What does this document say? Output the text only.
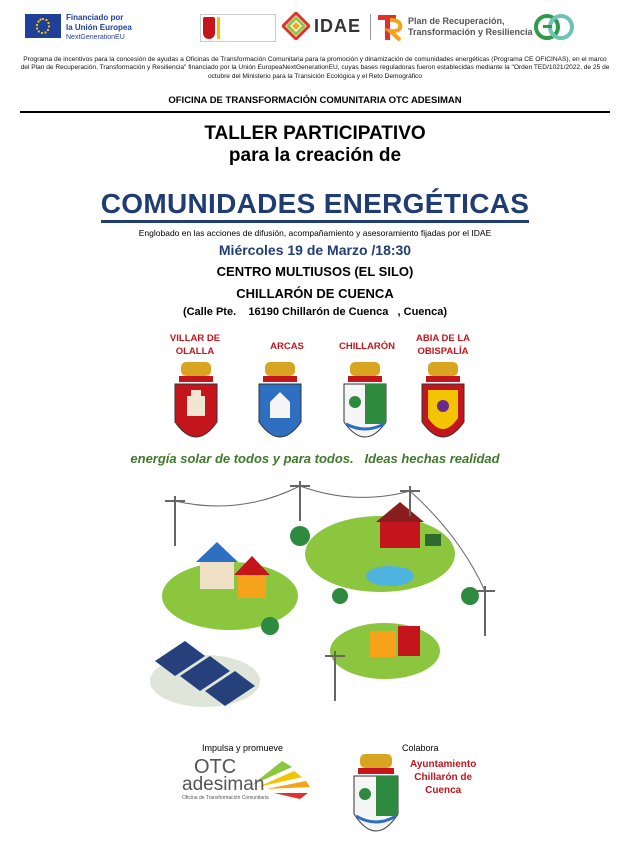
Financiado por
la Unión Europea
NextGenerationEU

IDAE	Plan de Recuperación,
Transformación y Resiliencia
Programa de incentivos para la concesión de ayudas a Oficinas de Transformación Comunitaria para la promoción y dinamización de comunidades energéticas (Programa CE OFICINAS), en el marco del Plan de Recuperación, Transformación y Resiliencia" financiado por la Unión EuropeaNextGenerationEU, cuyas bases reguladoras fueron establecidas mediante la "Orden TED/1021/2022, de 25 de octubre del Ministerio para la Transición Ecológica y el Reto Demográfico
OFICINA DE TRANSFORMACIÓN COMUNITARIA OTC ADESIMAN
TALLER PARTICIPATIVO
para la creación de
COMUNIDADES ENERGÉTICAS
Englobado en las acciones de difusión, acompañamiento y asesoramiento fijadas por el IDAE
Miércoles 19 de Marzo /18:30
CENTRO MULTIUSOS (EL SILO)
CHILLARÓN DE CUENCA
(Calle Pte.    16190 Chillarón de Cuenca   , Cuenca)
VILLAR DE
OLALLA	ARCAS	CHILLARÓN
ABIA DE LA
OBISPALÍA
energía solar de todos y para todos.   Ideas hechas realidad
Impulsa y promueve
OTC
adesiman
Oficina de Transformación Comunitaria
Colabora
Ayuntamiento
Chillarón de
Cuenca
